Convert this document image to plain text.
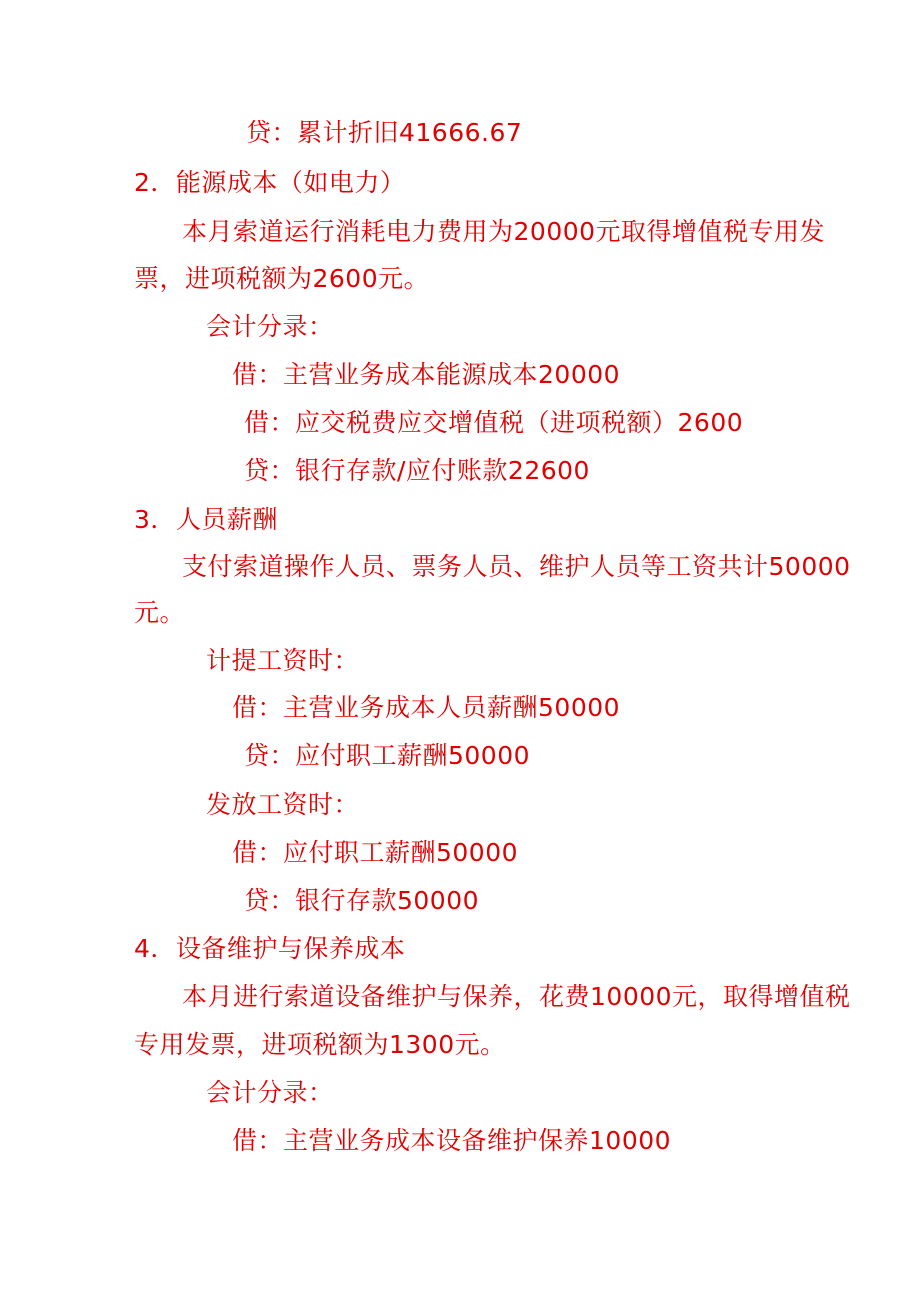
贷：累计折旧41666.67
2．能源成本（如电力）
本月索道运行消耗电力费用为20000元取得增值税专用发
票，进项税额为2600元。
会计分录：
借：主营业务成本能源成本20000
借：应交税费应交增值税（进项税额）2600
贷：银行存款/应付账款22600
3．人员薪酬
支付索道操作人员、票务人员、维护人员等工资共计50000
元。
计提工资时：
借：主营业务成本人员薪酬50000
贷：应付职工薪酬50000
发放工资时：
借：应付职工薪酬50000
贷：银行存款50000
4．设备维护与保养成本
本月进行索道设备维护与保养，花费10000元，取得增值税
专用发票，进项税额为1300元。
会计分录：
借：主营业务成本设备维护保养10000
